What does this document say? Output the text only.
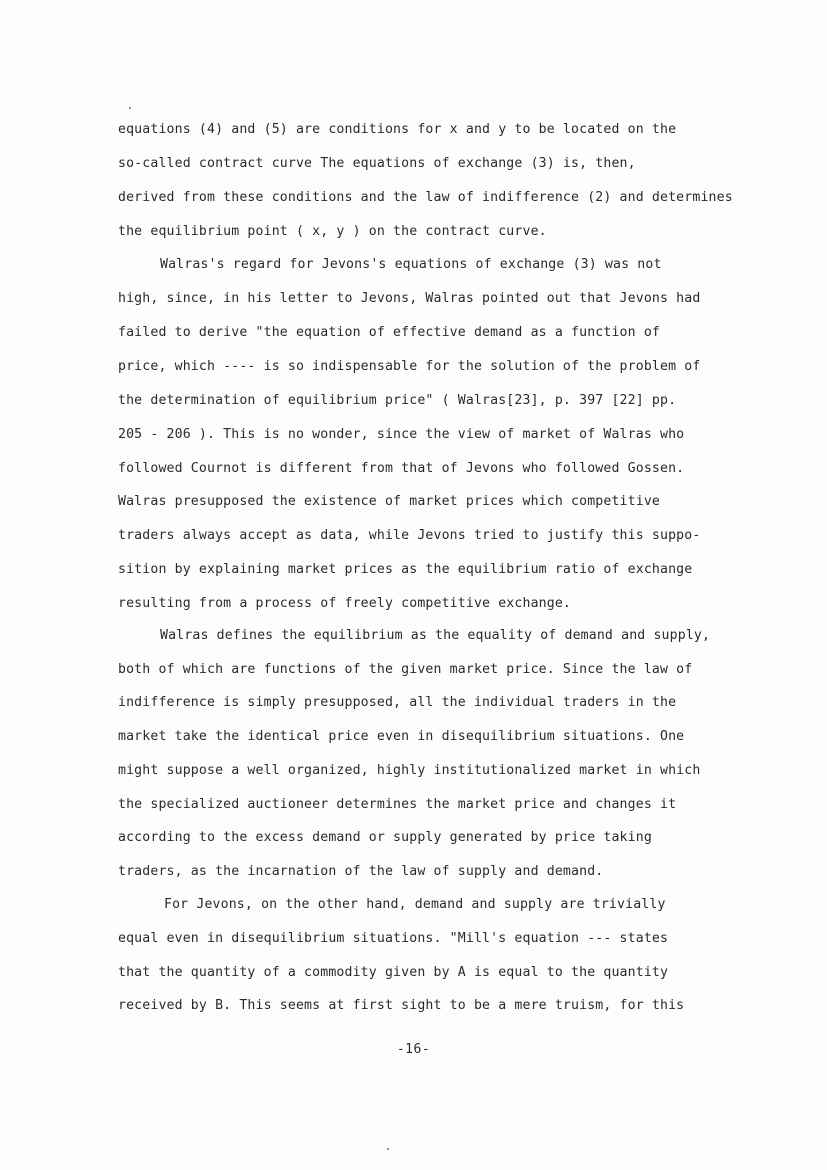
equations (4) and (5) are conditions for x and y to be located on the
so-called contract curve The equations of exchange (3) is, then,
derived from these conditions and the law of indifference (2) and determines
the equilibrium point ( x, y ) on the contract curve.
Walras's regard for Jevons's equations of exchange (3) was not
high, since, in his letter to Jevons, Walras pointed out that Jevons had
failed to derive "the equation of effective demand as a function of
price, which ---- is so indispensable for the solution of the problem of
the determination of equilibrium price" ( Walras[23], p. 397 [22] pp.
205 - 206 ). This is no wonder, since the view of market of Walras who
followed Cournot is different from that of Jevons who followed Gossen.
Walras presupposed the existence of market prices which competitive
traders always accept as data, while Jevons tried to justify this suppo-
sition by explaining market prices as the equilibrium ratio of exchange
resulting from a process of freely competitive exchange.
Walras defines the equilibrium as the equality of demand and supply,
both of which are functions of the given market price. Since the law of
indifference is simply presupposed, all the individual traders in the
market take the identical price even in disequilibrium situations. One
might suppose a well organized, highly institutionalized market in which
the specialized auctioneer determines the market price and changes it
according to the excess demand or supply generated by price taking
traders, as the incarnation of the law of supply and demand.
For Jevons, on the other hand, demand and supply are trivially
equal even in disequilibrium situations. "Mill's equation --- states
that the quantity of a commodity given by A is equal to the quantity
received by B. This seems at first sight to be a mere truism, for this
-16-
